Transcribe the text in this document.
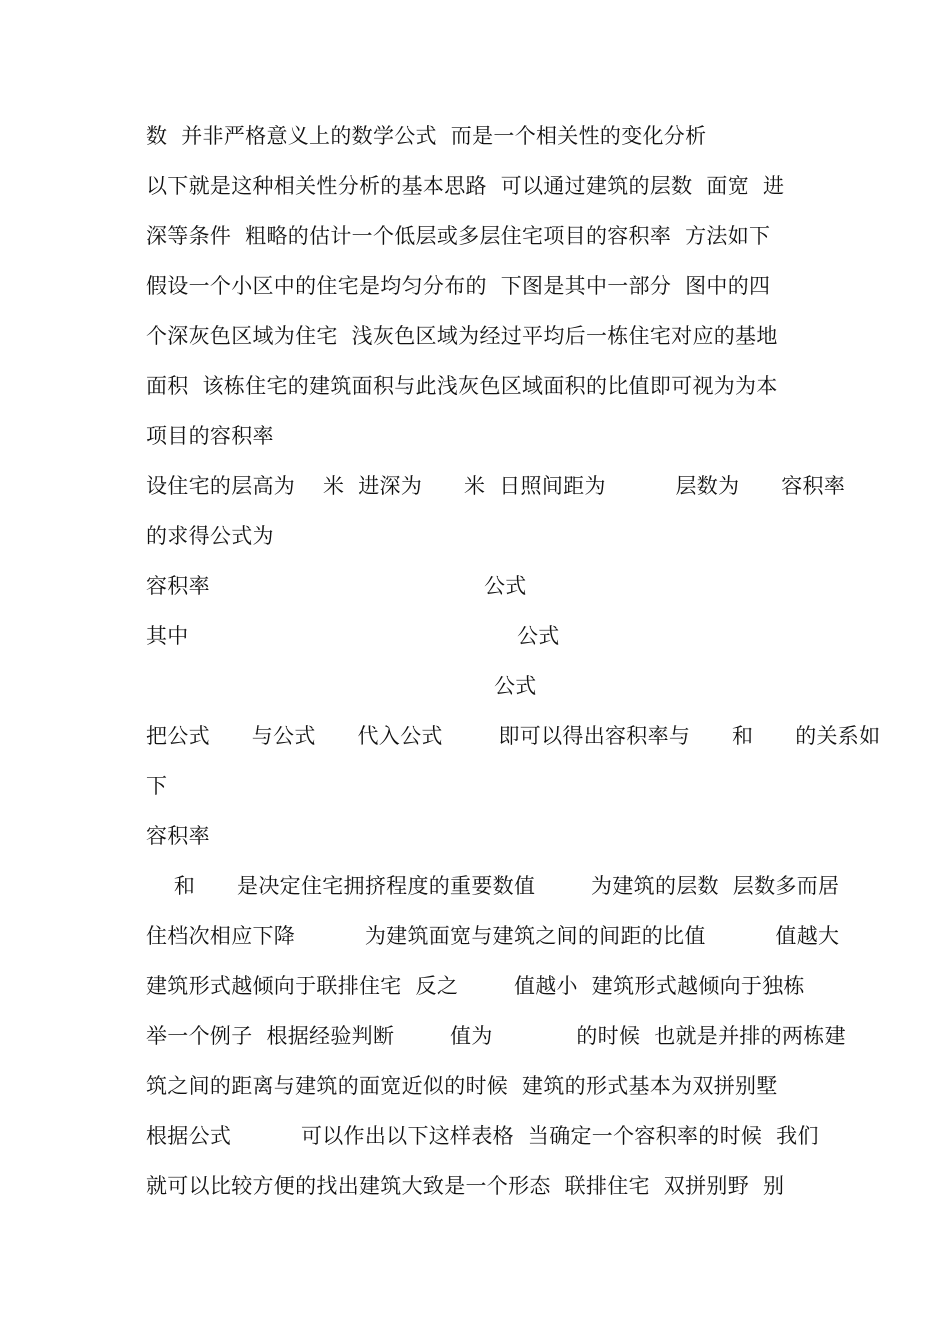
数  并非严格意义上的数学公式  而是一个相关性的变化分析
以下就是这种相关性分析的基本思路  可以通过建筑的层数  面宽  进
深等条件  粗略的估计一个低层或多层住宅项目的容积率  方法如下
假设一个小区中的住宅是均匀分布的  下图是其中一部分  图中的四
个深灰色区域为住宅  浅灰色区域为经过平均后一栋住宅对应的基地
面积  该栋住宅的建筑面积与此浅灰色区域面积的比值即可视为为本
项目的容积率
设住宅的层高为    米  进深为      米  日照间距为          层数为      容积率
的求得公式为
容积率	公式
其中	公式
公式
把公式      与公式      代入公式        即可以得出容积率与      和      的关系如
下
容积率
和      是决定住宅拥挤程度的重要数值        为建筑的层数  层数多而居
住档次相应下降          为建筑面宽与建筑之间的间距的比值          值越大
建筑形式越倾向于联排住宅  反之        值越小  建筑形式越倾向于独栋
举一个例子  根据经验判断        值为            的时候  也就是并排的两栋建
筑之间的距离与建筑的面宽近似的时候  建筑的形式基本为双拼别墅
根据公式          可以作出以下这样表格  当确定一个容积率的时候  我们
就可以比较方便的找出建筑大致是一个形态  联排住宅  双拼别野  别
